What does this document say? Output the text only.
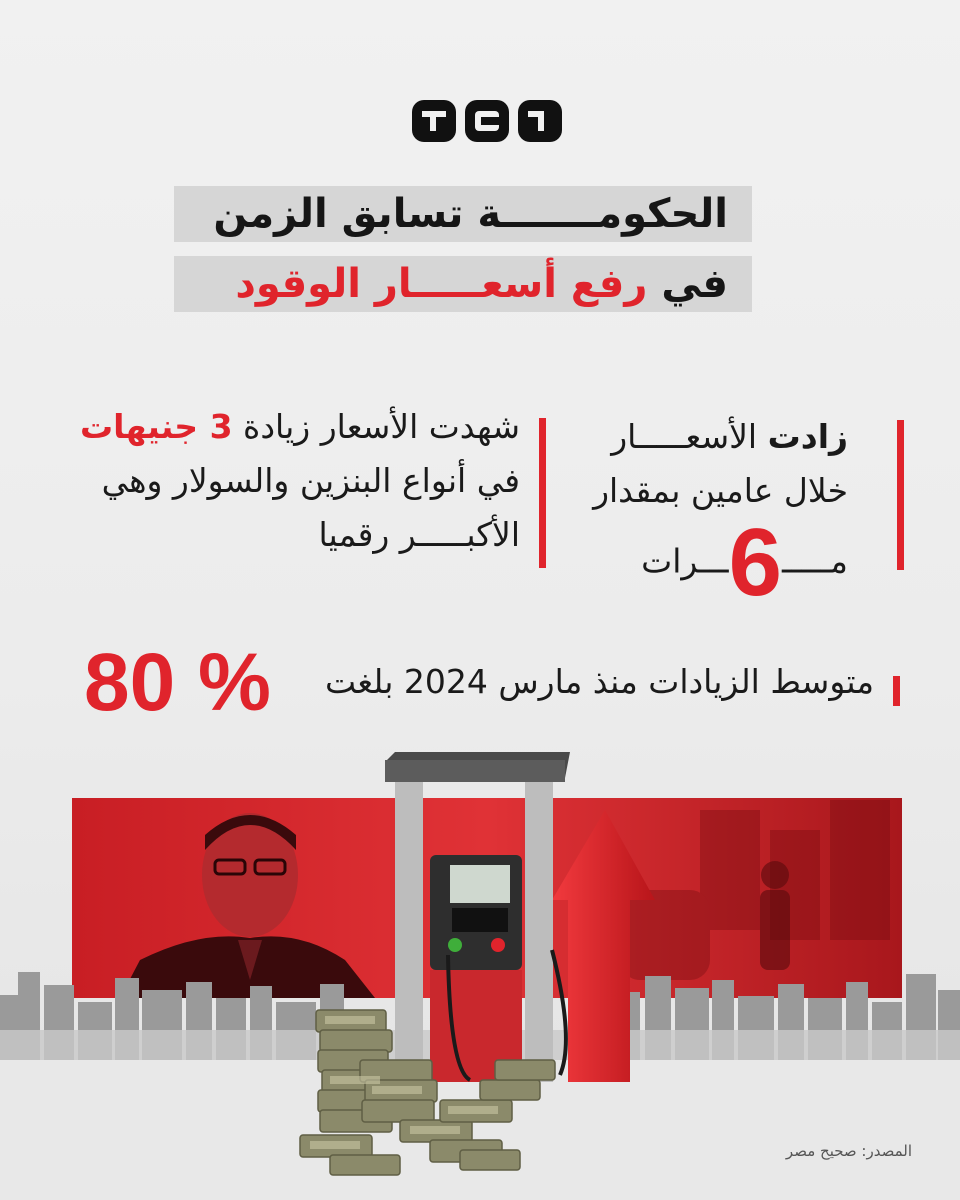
الحكومـــــــة تسابق الزمن
في رفع أسعـــــار الوقود
زادت الأسعـــــار
خلال عامين بمقدار
مـــــ6ـــرات
شهدت الأسعار زيادة 3 جنيهات
في أنواع البنزين والسولار وهي
الأكبـــــر رقميا
متوسط الزيادات منذ مارس 2024 بلغت
80 %
المصدر: صحيح مصر
